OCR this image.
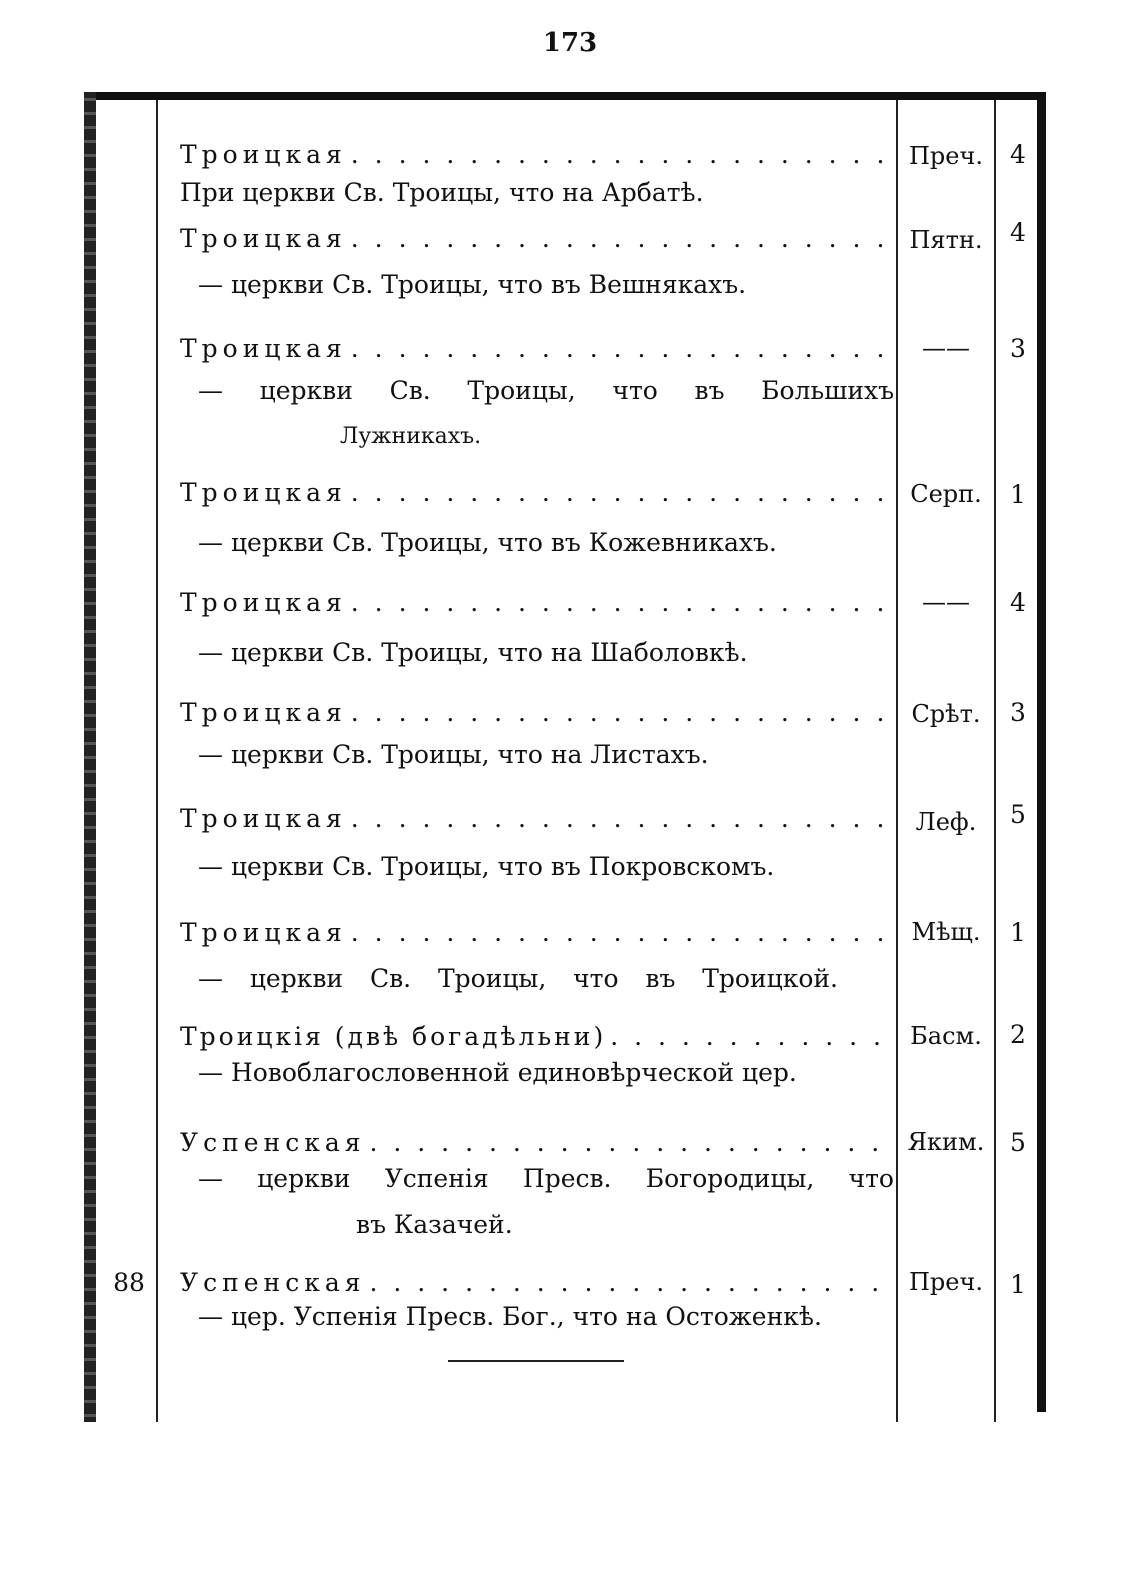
173
Троицкая . . .	Преч.	4
При церкви Св. Троицы, что на Арбатѣ.
Троицкая . . .	Пятн.	4
— церкви Св. Троицы, что въ Вешнякахъ.
Троицкая . . .	——	3
— церкви Св. Троицы, что въ Большихъ
Лужникахъ.
Троицкая . . .	Серп.	1
— церкви Св. Троицы, что въ Кожевникахъ.
Троицкая . . .	——	4
— церкви Св. Троицы, что на Шаболовкѣ.
Троицкая . . .	Срѣт.	3
— церкви Св. Троицы, что на Листахъ.
Троицкая . . .	Леф.	5
— церкви Св. Троицы, что въ Покровскомъ.
Троицкая . . .	Мѣщ.	1
— церкви Св. Троицы, что въ Троицкой.
Троицкія (двѣ богадѣльни) . . .	Басм.	2
— Новоблагословенной единовѣрческой цер.
Успенская . . .	Яким.	5
— церкви Успенія Пресв. Богородицы, что
въ Казачей.
88	Успенская . . .	Преч.	1
— цер. Успенія Пресв. Бог., что на Остоженкѣ.
